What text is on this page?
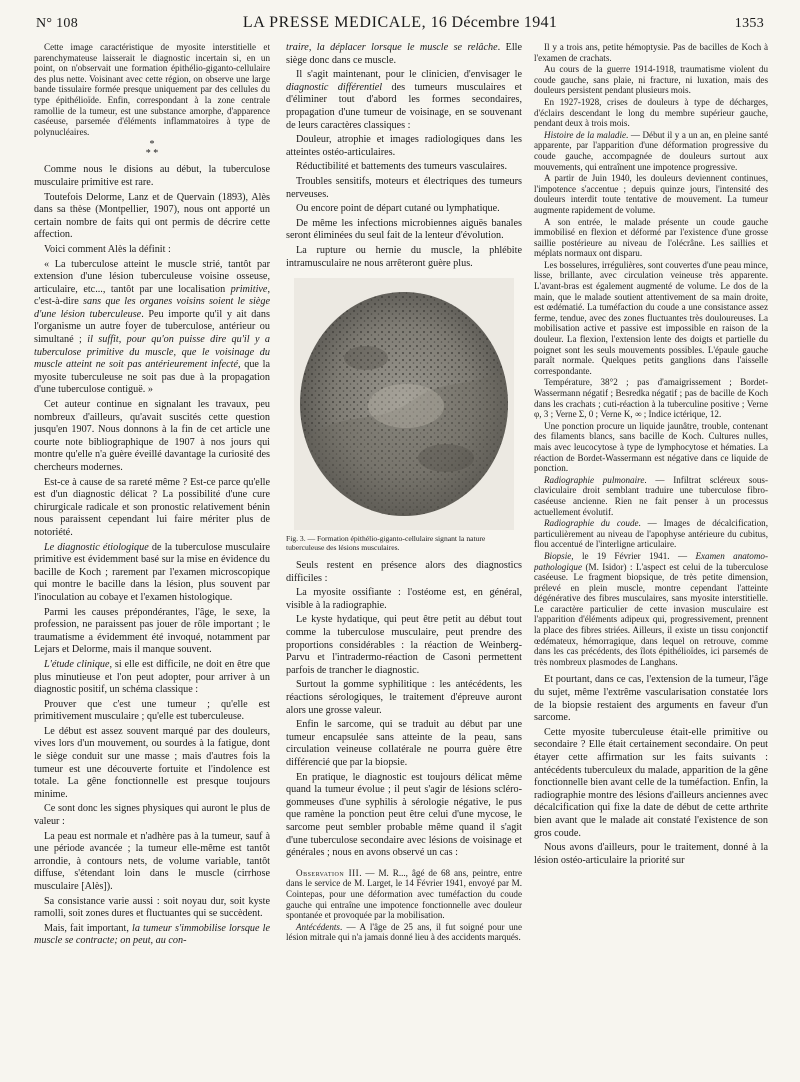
N° 108	LA PRESSE MEDICALE, 16 Décembre 1941	1353

Cette image caractéristique de myosite interstitielle et parenchymateuse laisserait le diagnostic incertain si, en un point, on n'observait une formation épithélio-giganto-cellulaire des plus nette. Voisinant avec cette région, on observe une large bande tissulaire formée presque uniquement par des cellules du type épithélioïde. Enfin, correspondant à la zone centrale ramollie de la tumeur, est une substance amorphe, d'apparence caséeuse, parsemée d'éléments inflammatoires à type de polynucléaires.

*
* *

Comme nous le disions au début, la tuberculose musculaire primitive est rare.

Toutefois Delorme, Lanz et de Quervain (1893), Alès dans sa thèse (Montpellier, 1907), nous ont apporté un certain nombre de faits qui ont permis de décrire cette affection.

Voici comment Alès la définit :

« La tuberculose atteint le muscle strié, tantôt par extension d'une lésion tuberculeuse voisine osseuse, articulaire, etc..., tantôt par une localisation primitive, c'est-à-dire sans que les organes voisins soient le siège d'une lésion tuberculeuse. Peu importe qu'il y ait dans l'organisme un autre foyer de tuberculose, antérieur ou simultané ; il suffit, pour qu'on puisse dire qu'il y a tuberculose primitive du muscle, que le voisinage du muscle atteint ne soit pas antérieurement infecté, que la myosite tuberculeuse ne soit pas due à la propagation d'une tuberculose contiguë. »

Cet auteur continue en signalant les travaux, peu nombreux d'ailleurs, qu'avait suscités cette question jusqu'en 1907. Nous donnons à la fin de cet article une courte note bibliographique de 1907 à nos jours qui montre qu'elle n'a guère éveillé davantage la curiosité des chercheurs modernes.

Est-ce à cause de sa rareté même ? Est-ce parce qu'elle est d'un diagnostic délicat ? La possibilité d'une cure chirurgicale radicale et son pronostic relativement bénin nous paraissent cependant lui faire mériter plus de notoriété.

Le diagnostic étiologique de la tuberculose musculaire primitive est évidemment basé sur la mise en évidence du bacille de Koch ; rarement par l'examen microscopique qui montre le bacille dans la lésion, plus souvent par l'inoculation au cobaye et l'examen histologique.

Parmi les causes prépondérantes, l'âge, le sexe, la profession, ne paraissent pas jouer de rôle important ; le traumatisme a évidemment été invoqué, notamment par Lejars et Delorme, mais il manque souvent.

L'étude clinique, si elle est difficile, ne doit en être que plus minutieuse et l'on peut adopter, pour arriver à un diagnostic positif, un schéma classique :

Prouver que c'est une tumeur ; qu'elle est primitivement musculaire ; qu'elle est tuberculeuse.

Le début est assez souvent marqué par des douleurs, vives lors d'un mouvement, ou sourdes à la fatigue, dont le siège conduit sur une masse ; mais d'autres fois la tumeur est une découverte fortuite et l'indolence est totale. La gêne fonctionnelle est presque toujours minime.

Ce sont donc les signes physiques qui auront le plus de valeur :

La peau est normale et n'adhère pas à la tumeur, sauf à une période avancée ; la tumeur elle-même est tantôt arrondie, à contours nets, de volume variable, tantôt diffuse, s'étendant loin dans le muscle (cirrhose musculaire [Alès]).

Sa consistance varie aussi : soit noyau dur, soit kyste ramolli, soit zones dures et fluctuantes qui se succèdent.

Mais, fait important, la tumeur s'immobilise lorsque le muscle se contracte; on peut, au con-

traire, la déplacer lorsque le muscle se relâche. Elle siège donc dans ce muscle.

Il s'agit maintenant, pour le clinicien, d'envisager le diagnostic différentiel des tumeurs musculaires et d'éliminer tout d'abord les formes secondaires, propagation d'une tumeur de voisinage, en se souvenant de leurs caractères classiques :

Douleur, atrophie et images radiologiques dans les atteintes ostéo-articulaires.

Réductibilité et battements des tumeurs vasculaires.

Troubles sensitifs, moteurs et électriques des tumeurs nerveuses.

Ou encore point de départ cutané ou lymphatique.

De même les infections microbiennes aiguës banales seront éliminées du seul fait de la lenteur d'évolution.

La rupture ou hernie du muscle, la phlébite intramusculaire ne nous arrêteront guère plus.

Fig. 3. — Formation épithélio-giganto-cellulaire signant la nature tuberculeuse des lésions musculaires.

Seuls restent en présence alors des diagnostics difficiles :

La myosite ossifiante : l'ostéome est, en général, visible à la radiographie.

Le kyste hydatique, qui peut être petit au début tout comme la tuberculose musculaire, peut prendre des proportions considérables : la réaction de Weinberg-Parvu et l'intradermo-réaction de Casoni permettent parfois de trancher le diagnostic.

Surtout la gomme syphilitique : les antécédents, les réactions sérologiques, le traitement d'épreuve auront alors une grosse valeur.

Enfin le sarcome, qui se traduit au début par une tumeur encapsulée sans atteinte de la peau, sans circulation veineuse collatérale ne pourra guère être différencié que par la biopsie.

En pratique, le diagnostic est toujours délicat même quand la tumeur évolue ; il peut s'agir de lésions scléro-gommeuses d'une syphilis à sérologie négative, le pus que ramène la ponction peut être celui d'une mycose, le sarcome peut sembler probable même quand il s'agit d'une tuberculose secondaire avec lésions de voisinage et générales ; nous en avons observé un cas :

Observation III. — M. R..., âgé de 68 ans, peintre, entre dans le service de M. Larget, le 14 Février 1941, envoyé par M. Cointepas, pour une déformation avec tuméfaction du coude gauche qui entraîne une impotence fonctionnelle avec douleur spontanée et provoquée par la mobilisation.

Antécédents. — A l'âge de 25 ans, il fut soigné pour une lésion mitrale qui n'a jamais donné lieu à des accidents marqués.

Il y a trois ans, petite hémoptysie. Pas de bacilles de Koch à l'examen de crachats.

Au cours de la guerre 1914-1918, traumatisme violent du coude gauche, sans plaie, ni fracture, ni luxation, mais des douleurs persistent pendant plusieurs mois.

En 1927-1928, crises de douleurs à type de décharges, d'éclairs descendant le long du membre supérieur gauche, pendant deux à trois mois.

Histoire de la maladie. — Début il y a un an, en pleine santé apparente, par l'apparition d'une déformation progressive du coude gauche, accompagnée de douleurs surtout aux mouvements, qui entraînent une impotence progressive.

A partir de Juin 1940, les douleurs deviennent continues, l'impotence s'accentue ; depuis quinze jours, l'intensité des douleurs interdit toute tentative de mouvement. La tumeur augmente rapidement de volume.

A son entrée, le malade présente un coude gauche immobilisé en flexion et déformé par l'existence d'une grosse saillie postérieure au niveau de l'olécrâne. Les saillies et méplats normaux ont disparu.

Les bosselures, irrégulières, sont couvertes d'une peau mince, lisse, brillante, avec circulation veineuse très apparente. L'avant-bras est également augmenté de volume. Le dos de la main, que le malade soutient attentivement de sa main droite, est œdématié. La tuméfaction du coude a une consistance assez ferme, tendue, avec des zones fluctuantes très douloureuses. La mobilisation active et passive est impossible en raison de la douleur. La flexion, l'extension lente des doigts et partielle du poignet sont les seuls mouvements possibles. L'épaule gauche paraît normale. Quelques petits ganglions dans l'aisselle correspondante.

Température, 38°2 ; pas d'amaigrissement ; Bordet-Wassermann négatif ; Besredka négatif ; pas de bacille de Koch dans les crachats ; cuti-réaction à la tuberculine positive ; Verne φ, 3 ; Verne Σ, 0 ; Verne K, ∞ ; Indice ictérique, 12.

Une ponction procure un liquide jaunâtre, trouble, contenant des filaments blancs, sans bacille de Koch. Cultures nulles, mais avec leucocytose à type de lymphocytose et hématies. La réaction de Bordet-Wassermann est négative dans ce liquide de ponction.

Radiographie pulmonaire. — Infiltrat scléreux sous-claviculaire droit semblant traduire une tuberculose fibro-caséeuse ancienne. Rien ne fait penser à un processus actuellement évolutif.

Radiographie du coude. — Images de décalcification, particulièrement au niveau de l'apophyse antérieure du cubitus, flou accentué de l'interligne articulaire.

Biopsie, le 19 Février 1941. — Examen anatomo-pathologique (M. Isidor) : L'aspect est celui de la tuberculose caséeuse. Le fragment biopsique, de très petite dimension, prélevé en plein muscle, montre cependant l'atteinte dégénérative des fibres musculaires, sans myosite interstitielle. Le caractère particulier de cette invasion musculaire est l'apparition d'éléments adipeux qui, progressivement, prennent la place des fibres striées. Ailleurs, il existe un tissu conjonctif œdémateux, hémorragique, dans lequel on retrouve, comme dans les cas précédents, des îlots épithélioïdes, ici parsemés de très nombreux plasmodes de Langhans.

Et pourtant, dans ce cas, l'extension de la tumeur, l'âge du sujet, même l'extrême vascularisation constatée lors de la biopsie restaient des arguments en faveur d'un sarcome.

Cette myosite tuberculeuse était-elle primitive ou secondaire ? Elle était certainement secondaire. On peut étayer cette affirmation sur les faits suivants : antécédents tuberculeux du malade, apparition de la gêne fonctionnelle bien avant celle de la tuméfaction. Enfin, la radiographie montre des lésions d'ailleurs anciennes avec décalcification qui fixe la date de début de cette arthrite bien avant que le malade ait constaté l'existence de son gros coude.

Nous avons d'ailleurs, pour le traitement, donné à la lésion ostéo-articulaire la priorité sur
